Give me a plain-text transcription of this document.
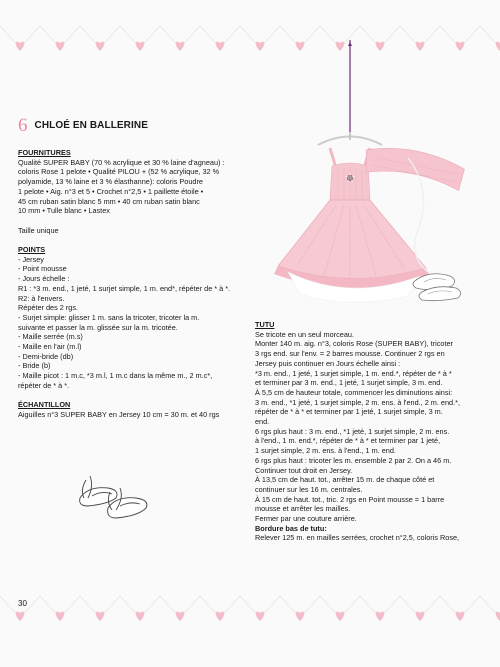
6 CHLOÉ EN BALLERINE
FOURNITURES
Qualité SUPER BABY (70 % acrylique et 30 % laine d'agneau) :
coloris Rose 1 pelote • Qualité PILOU + (52 % acrylique, 32 %
polyamide, 13 % laine et 3 % élasthanne): coloris Poudre
1 pelote • Aig. n°3 et 5 • Crochet n°2,5 • 1 paillette étoile •
45 cm ruban satin blanc 5 mm • 40 cm ruban satin blanc
10 mm • Tulle blanc • Lastex
Taille unique
POINTS
- Jersey
- Point mousse
- Jours échelle :
R1 : *3 m. end., 1 jeté, 1 surjet simple, 1 m. end*, répéter de * à *.
R2: à l'envers.
Répéter des 2 rgs.
- Surjet simple: glisser 1 m. sans la tricoter, tricoter la m.
suivante et passer la m. glissée sur la m. tricotée.
- Maille serrée (m.s)
- Maille en l'air (m.l)
- Demi-bride (db)
- Bride (b)
- Maille picot : 1 m.c, *3 m.l, 1 m.c dans la même m., 2 m.c*,
répéter de * à *.
ÉCHANTILLON
Aiguilles n°3 SUPER BABY en Jersey 10 cm = 30 m. et 40 rgs
TUTU
Se tricote en un seul morceau.
Monter 140 m. aig. n°3, coloris Rose (SUPER BABY), tricoter
3 rgs end. sur l'env. = 2 barres mousse. Continuer 2 rgs en
Jersey puis continuer en Jours échelle ainsi :
*3 m. end., 1 jeté, 1 surjet simple, 1 m. end.*, répéter de * à *
et terminer par 3 m. end., 1 jeté, 1 surjet simple, 3 m. end.
À 5,5 cm de hauteur totale, commencer les diminutions ainsi:
3 m. end., *1 jeté, 1 surjet simple, 2 m. ens. à l'end., 2 m. end.*,
répéter de * à * et terminer par 1 jeté, 1 surjet simple, 3 m.
end.
6 rgs plus haut : 3 m. end., *1 jeté, 1 surjet simple, 2 m. ens.
à l'end., 1 m. end.*, répéter de * à * et terminer par 1 jeté,
1 surjet simple, 2 m. ens. à l'end., 1 m. end.
6 rgs plus haut : tricoter les m. ensemble 2 par 2. On a 46 m.
Continuer tout droit en Jersey.
À 13,5 cm de haut. tot., arrêter 15 m. de chaque côté et
continuer sur les 16 m. centrales.
À 15 cm de haut. tot., tric. 2 rgs en Point mousse = 1 barre
mousse et arrêter les mailles.
Fermer par une couture arrière.
Bordure bas de tutu:
Relever 125 m. en mailles serrées, crochet n°2,5, coloris Rose,
30
